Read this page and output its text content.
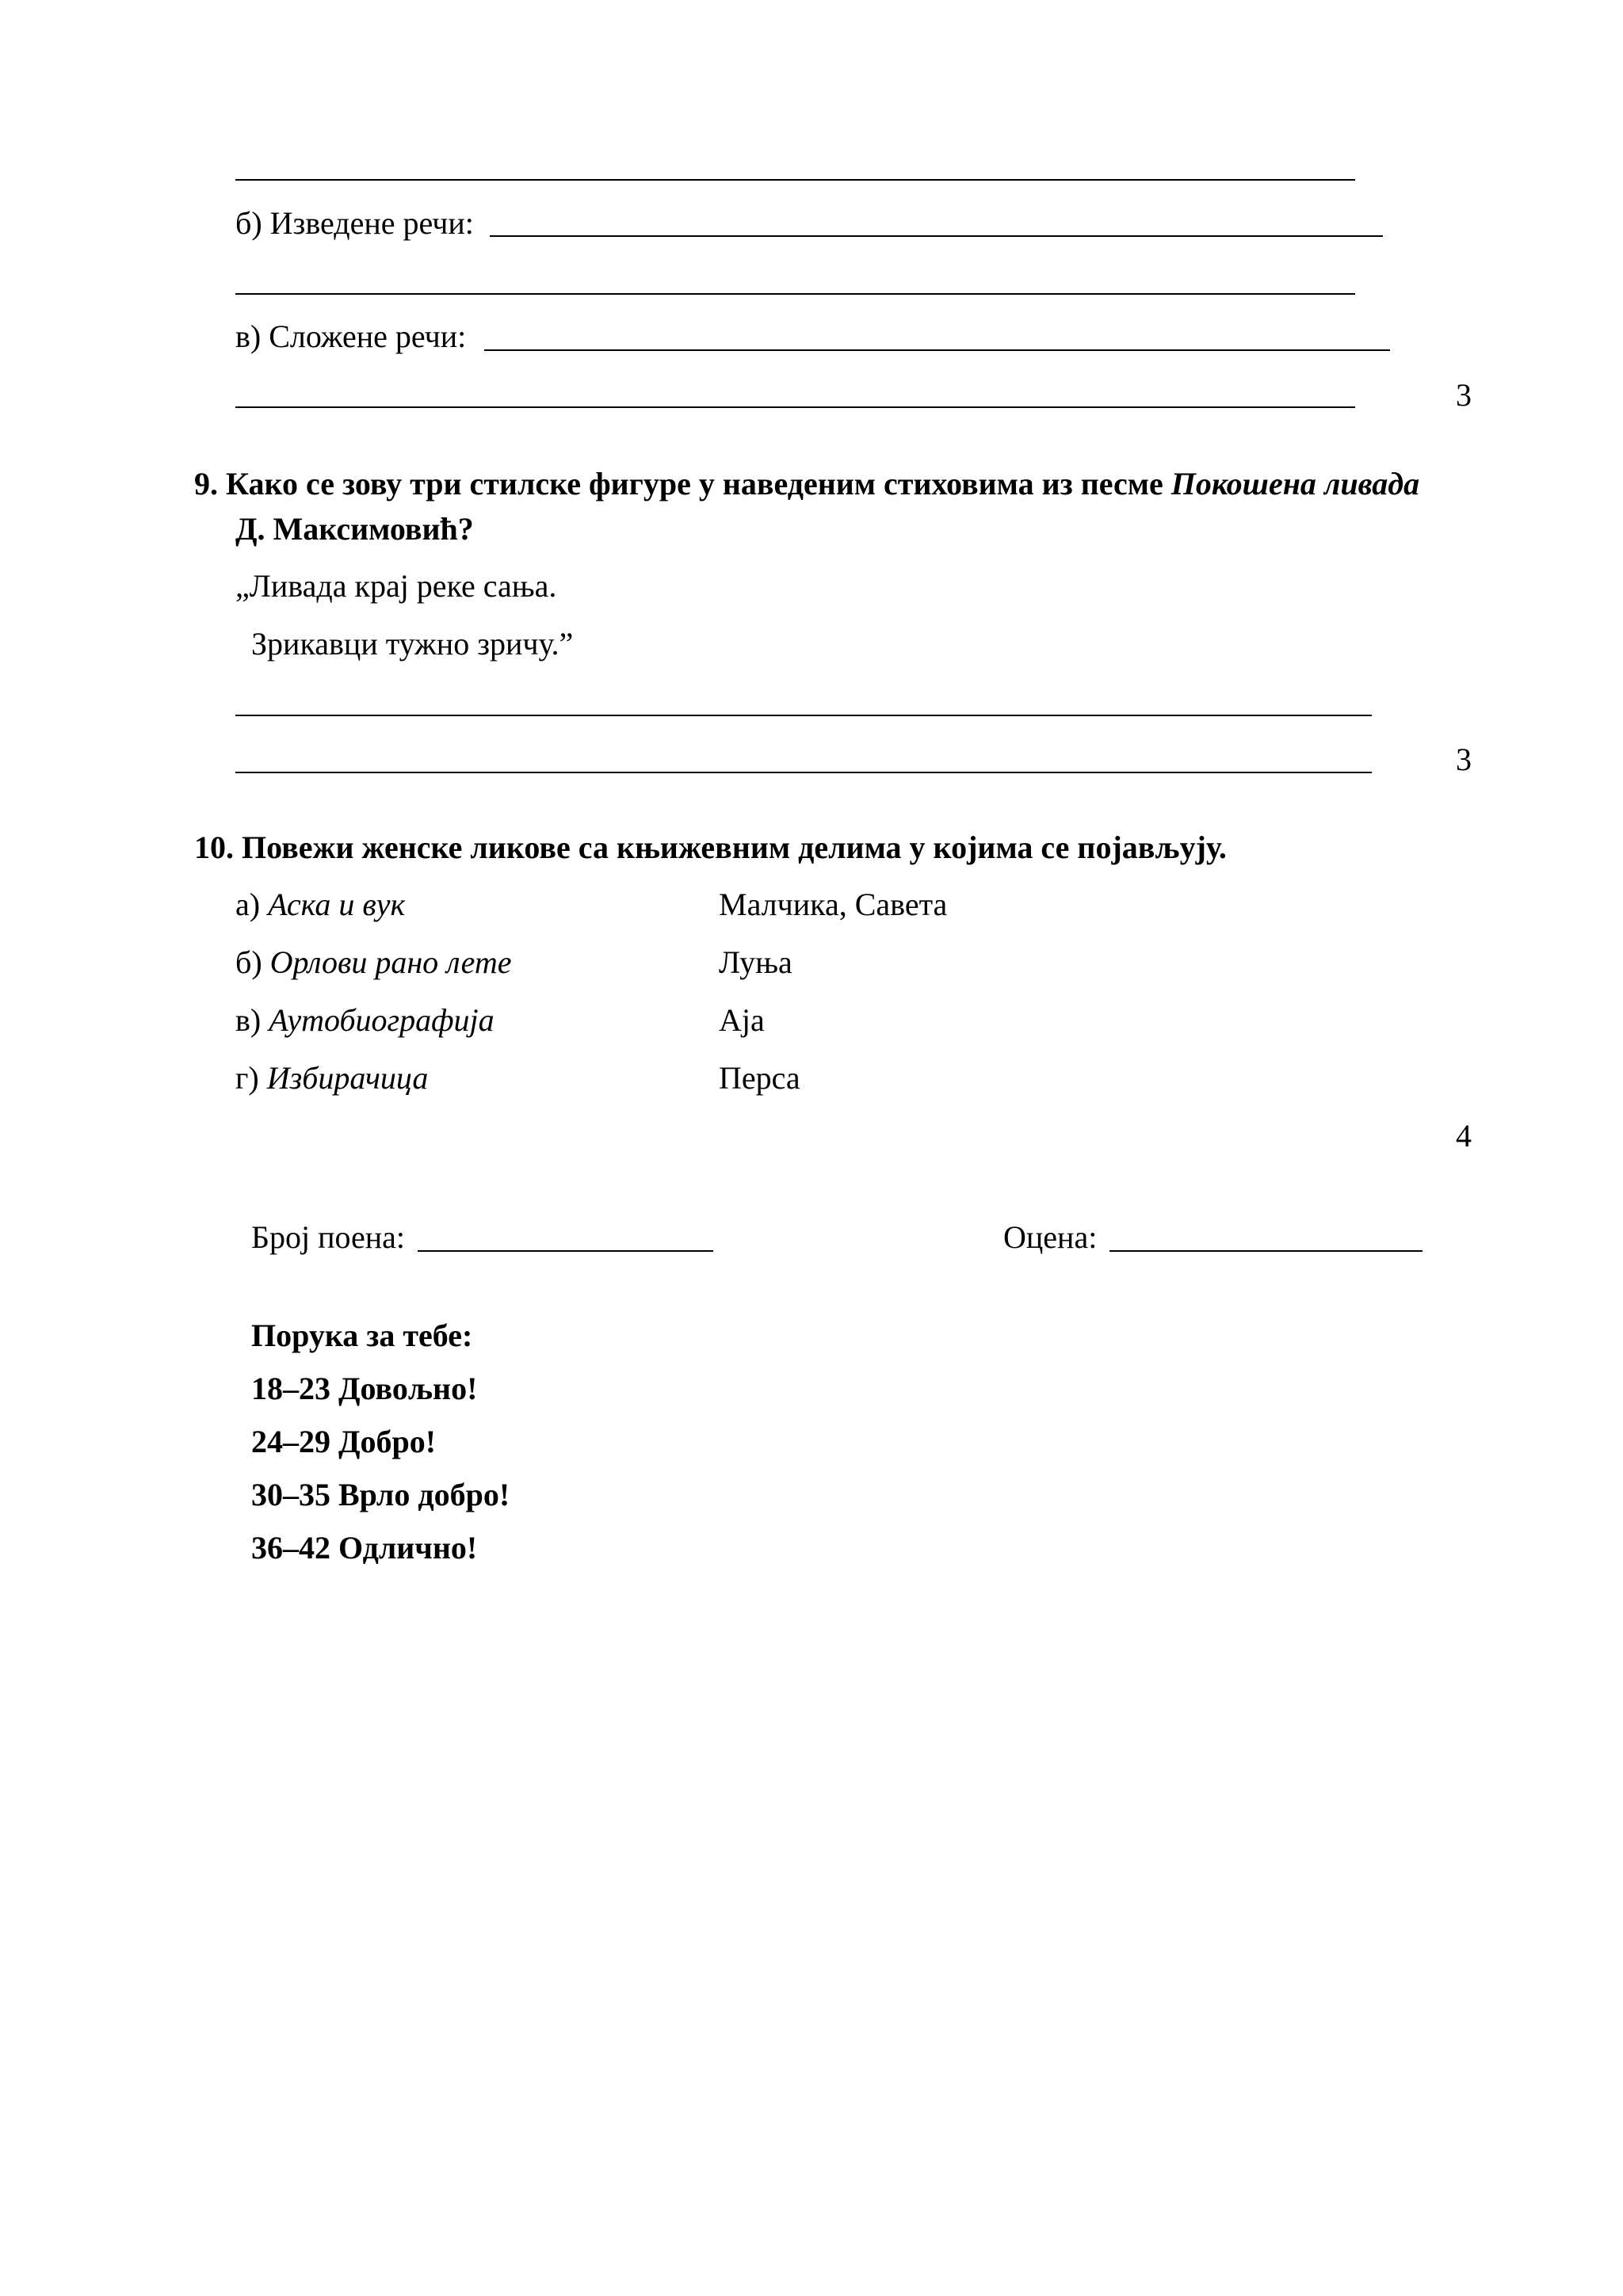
б) Изведене речи:
в) Сложене речи:
3
9. Како се зову три стилске фигуре у наведеним стиховима из песме Покошена ливада
Д. Максимовић?
„Ливада крај реке сања.
Зрикавци тужно зричу.”
3
10. Повежи женске ликове са књижевним делима у којима се појављују.
а) Аска и вук	Малчика, Савета
б) Орлови рано лете	Луња
в) Аутобиографија	Аја
г) Избирачица	Перса
4
Број поена:	Оцена:
Порука за тебе:
18–23 Довољно!
24–29 Добро!
30–35 Врло добро!
36–42 Одлично!
